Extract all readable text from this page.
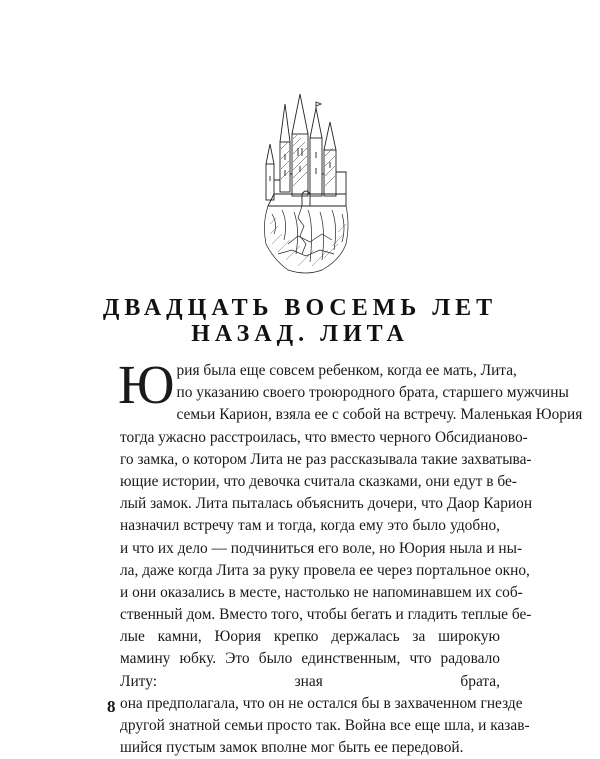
ДВАДЦАТЬ ВОСЕМЬ ЛЕТ
НАЗАД. ЛИТА
Ю рия была еще совсем ребенком, когда ее мать, Лита,
по указанию своего троюродного брата, старшего мужчины
семьи Карион, взяла ее с собой на встречу. Маленькая Юория
тогда ужасно расстроилась, что вместо черного Обсидианово-
го замка, о котором Лита не раз рассказывала такие захватыва-
ющие истории, что девочка считала сказками, они едут в бе-
лый замок. Лита пыталась объяснить дочери, что Даор Карион
назначил встречу там и тогда, когда ему это было удобно,
и что их дело — подчиниться его воле, но Юория ныла и ны-
ла, даже когда Лита за руку провела ее через портальное окно,
и они оказались в месте, настолько не напоминавшем их соб-
ственный дом. Вместо того, чтобы бегать и гладить теплые бе-
лые камни, Юория крепко держалась за широкую мамину юбку. Это было единственным, что радовало Литу: зная брата,
она предполагала, что он не остался бы в захваченном гнезде
другой знатной семьи просто так. Война все еще шла, и казав-
шийся пустым замок вполне мог быть ее передовой.
8
